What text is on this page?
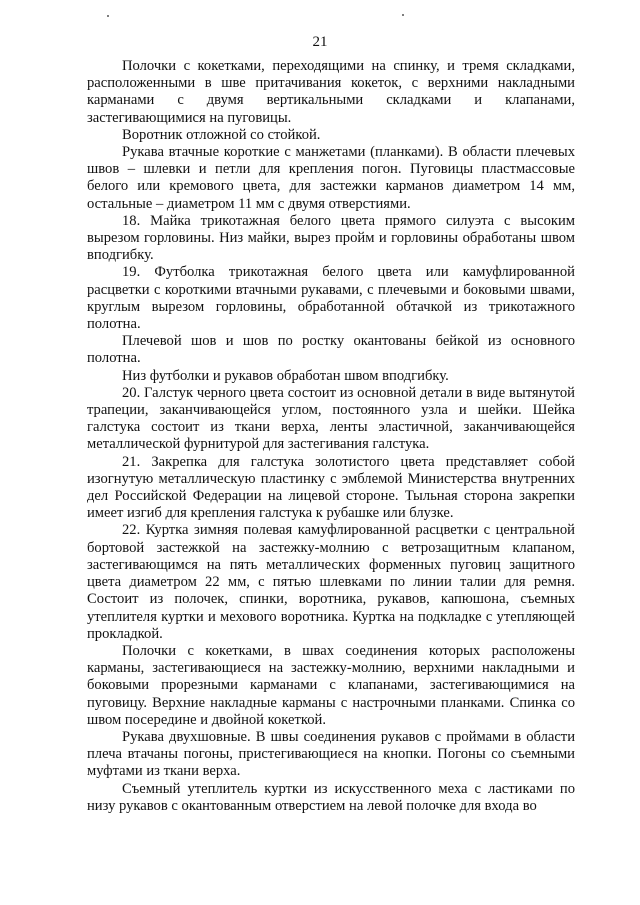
21

Полочки с кокетками, переходящими на спинку, и тремя складками, расположенными в шве притачивания кокеток, с верхними накладными карманами с двумя вертикальными складками и клапанами, застегивающимися на пуговицы.

Воротник отложной со стойкой.

Рукава втачные короткие с манжетами (планками). В области плечевых швов – шлевки и петли для крепления погон. Пуговицы пластмассовые белого или кремового цвета, для застежки карманов диаметром 14 мм, остальные – диаметром 11 мм с двумя отверстиями.

18. Майка трикотажная белого цвета прямого силуэта с высоким вырезом горловины. Низ майки, вырез пройм и горловины обработаны швом вподгибку.

19. Футболка трикотажная белого цвета или камуфлированной расцветки с короткими втачными рукавами, с плечевыми и боковыми швами, круглым вырезом горловины, обработанной обтачкой из трикотажного полотна.

Плечевой шов и шов по ростку окантованы бейкой из основного полотна.

Низ футболки и рукавов обработан швом вподгибку.

20. Галстук черного цвета состоит из основной детали в виде вытянутой трапеции, заканчивающейся углом, постоянного узла и шейки. Шейка галстука состоит из ткани верха, ленты эластичной, заканчивающейся металлической фурнитурой для застегивания галстука.

21. Закрепка для галстука золотистого цвета представляет собой изогнутую металлическую пластинку с эмблемой Министерства внутренних дел Российской Федерации на лицевой стороне. Тыльная сторона закрепки имеет изгиб для крепления галстука к рубашке или блузке.

22. Куртка зимняя полевая камуфлированной расцветки с центральной бортовой застежкой на застежку-молнию с ветрозащитным клапаном, застегивающимся на пять металлических форменных пуговиц защитного цвета диаметром 22 мм, с пятью шлевками по линии талии для ремня. Состоит из полочек, спинки, воротника, рукавов, капюшона, съемных утеплителя куртки и мехового воротника. Куртка на подкладке с утепляющей прокладкой.

Полочки с кокетками, в швах соединения которых расположены карманы, застегивающиеся на застежку-молнию, верхними накладными и боковыми прорезными карманами с клапанами, застегивающимися на пуговицу. Верхние накладные карманы с настрочными планками. Спинка со швом посередине и двойной кокеткой.

Рукава двухшовные. В швы соединения рукавов с проймами в области плеча втачаны погоны, пристегивающиеся на кнопки. Погоны со съемными муфтами из ткани верха.

Съемный утеплитель куртки из искусственного меха с ластиками по низу рукавов с окантованным отверстием на левой полочке для входа во
